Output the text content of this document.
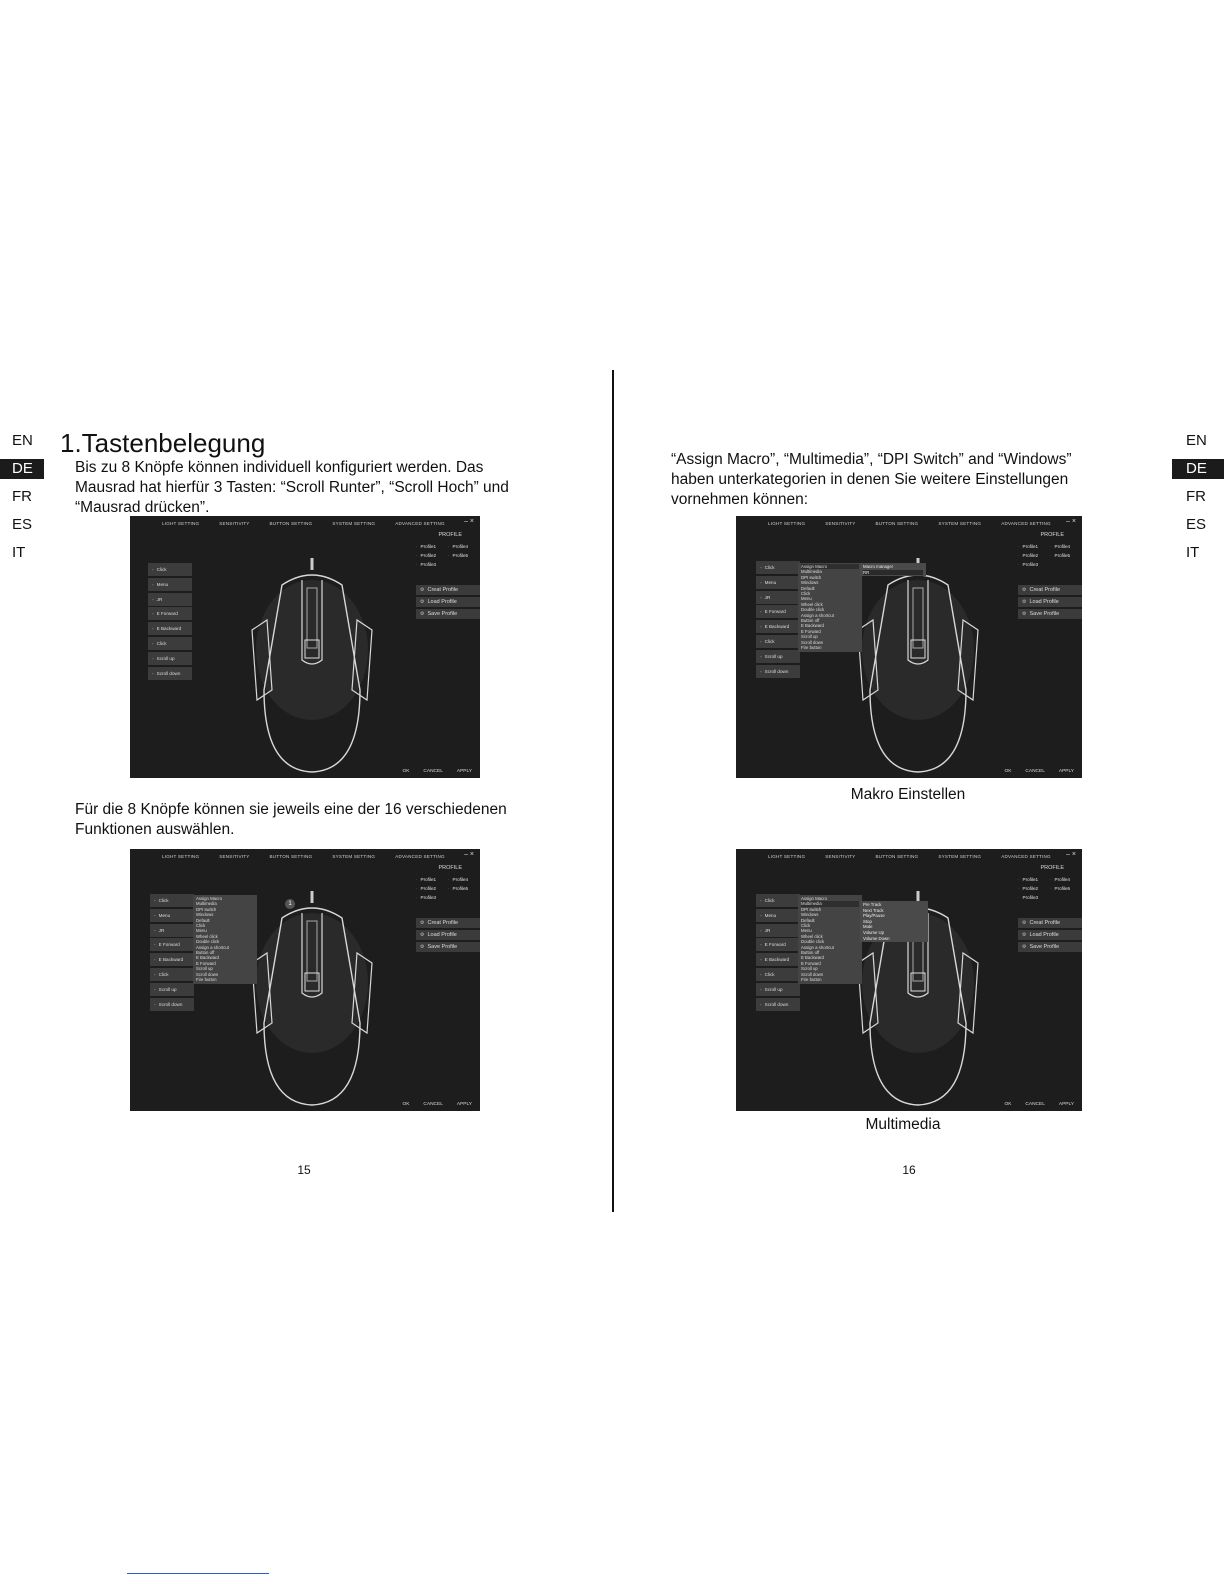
EN
DE
FR
ES
IT
EN
DE
FR
ES
IT
1.Tastenbelegung

Bis zu 8 Knöpfe können individuell konfiguriert werden. Das Mausrad hat hierfür 3 Tasten: “Scroll Runter”, “Scroll Hoch” und “Mausrad drücken”.

LIGHT SETTING	SENSITIVITY	BUTTON SETTING	SYSTEM SETTING	ADVANCED SETTING	– ×
PROFILE
· Profile1	· Profile4
· Profile2	· Profile5
· Profile3
⚙ Creat Profile
⚙ Load Profile
⚙ Save Profile
◦ Click
◦ Menu
◦ JR
◦ E Forward
◦ E Backward
◦ Click
◦ Scroll up
◦ Scroll down
OK	CANCEL	APPLY

Für die 8 Knöpfe können sie jeweils eine der 16 verschiedenen Funktionen auswählen.

LIGHT SETTING	SENSITIVITY	BUTTON SETTING	SYSTEM SETTING	ADVANCED SETTING	– ×
PROFILE
· Profile1	· Profile4
· Profile2	· Profile5
· Profile3
⚙ Creat Profile
⚙ Load Profile
⚙ Save Profile
◦ Click
◦ Menu
◦ JR
◦ E Forward
◦ E Backward
◦ Click
◦ Scroll up
◦ Scroll down
1
Assign Macro
Multimedia
DPI switch
Windows
Default
Click
Menu
Wheel click
Double click
Assign a shortcut
Button off
E Backward
E Forward
Scroll up
Scroll down
Fire button
OK	CANCEL	APPLY
15

“Assign Macro”, “Multimedia”, “DPI Switch” and “Windows” haben unterkategorien in denen Sie weitere Einstellungen vornehmen können:

LIGHT SETTING	SENSITIVITY	BUTTON SETTING	SYSTEM SETTING	ADVANCED SETTING – ×
PROFILE
· Profile1	· Profile4
· Profile2	· Profile5
· Profile3
⚙ Creat Profile
⚙ Load Profile
⚙ Save Profile
◦ Click
◦ Menu
◦ JR
◦ E Forward
◦ E Backward
◦ Click
◦ Scroll up
◦ Scroll down
Assign Macro
Multimedia
DPI switch
Windows
Default
Click
Menu
Wheel click
Double click
Assign a shortcut
Button off
E Backward
E Forward
Scroll up
Scroll down
Fire button
Macro manager
RR
OK	CANCEL	APPLY
Makro Einstellen
LIGHT SETTING	SENSITIVITY	BUTTON SETTING	SYSTEM SETTING	ADVANCED SETTING – ×
PROFILE
· Profile1	· Profile4
· Profile2	· Profile5
· Profile3
⚙ Creat Profile
⚙ Load Profile
⚙ Save Profile
◦ Click
◦ Menu
◦ JR
◦ E Forward
◦ E Backward
◦ Click
◦ Scroll up
◦ Scroll down
Assign Macro
Multimedia
DPI switch
Windows
Default
Click
Menu
Wheel click
Double click
Assign a shortcut
Button off
E Backward
E Forward
Scroll up
Scroll down
Fire button
Pre Track
Next Track
Play/Pause
Stop
Mute
Volume Up
Volume Down
OK	CANCEL	APPLY
Multimedia
16
